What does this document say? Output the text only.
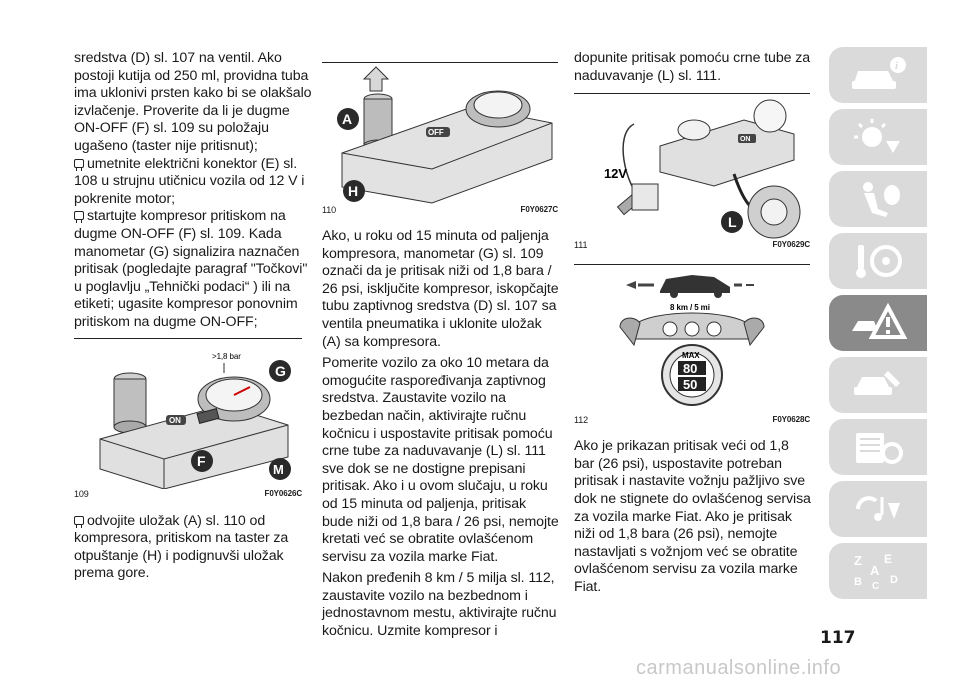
sredstva (D) sl. 107 na ventil. Ako postoji kutija od 250 ml, providna tuba ima uklonivi prsten kako bi se olakšalo izvlačenje. Proverite da li je dugme ON-OFF (F) sl. 109 su položaju ugašeno (taster nije pritisnut);

umetnite električni konektor (E) sl. 108 u strujnu utičnicu vozila od 12 V i pokrenite motor;

startujte kompresor pritiskom na dugme ON-OFF (F) sl. 109. Kada manometar (G) signalizira naznačen pritisak (pogledajte paragraf "Točkovi" u poglavlju „Tehnički podaci“ ) ili na etiketi; ugasite kompresor ponovnim pritiskom na dugme ON-OFF;

>1,8 bar
ON
G
F
M
109	F0Y0626C

odvojite uložak (A) sl. 110 od kompresora, pritiskom na taster za otpuštanje (H) i podignuvši uložak prema gore.

OFF
A
H
110	F0Y0627C

Ako, u roku od 15 minuta od paljenja kompresora, manometar (G) sl. 109 označi da je pritisak niži od 1,8 bara / 26 psi, isključite kompresor, iskopčajte tubu zaptivnog sredstva (D) sl. 107 sa ventila pneumatika i uklonite uložak (A) sa kompresora.

Pomerite vozilo za oko 10 metara da omogućite raspoređivanja zaptivnog sredstva. Zaustavite vozilo na bezbedan način, aktivirajte ručnu kočnicu i uspostavite pritisak pomoću crne tube za naduvavanje (L) sl. 111 sve dok se ne dostigne prepisani pritisak. Ako i u ovom slučaju, u roku od 15 minuta od paljenja, pritisak bude niži od 1,8 bara / 26 psi, nemojte kretati već se obratite ovlašćenom servisu za vozila marke Fiat.

Nakon pređenih 8 km / 5 milja sl. 112, zaustavite vozilo na bezbednom i jednostavnom mestu, aktivirajte ručnu kočnicu. Uzmite kompresor i

dopunite pritisak pomoću crne tube za naduvavanje (L) sl. 111.

ON
12V
L
111	F0Y0629C
8 km / 5 mi
MAX
80
50
112	F0Y0628C

Ako je prikazan pritisak veći od 1,8 bar (26 psi), uspostavite potreban pritisak i nastavite vožnju pažljivo sve dok ne stignete do ovlašćenog servisa za vozila marke Fiat. Ako je pritisak niži od 1,8 bara (26 psi), nemojte nastavljati s vožnjom već se obratite ovlašćenom servisu za vozila marke Fiat.

i
Z E
A
B	D
C
117
carmanualsonline.info
